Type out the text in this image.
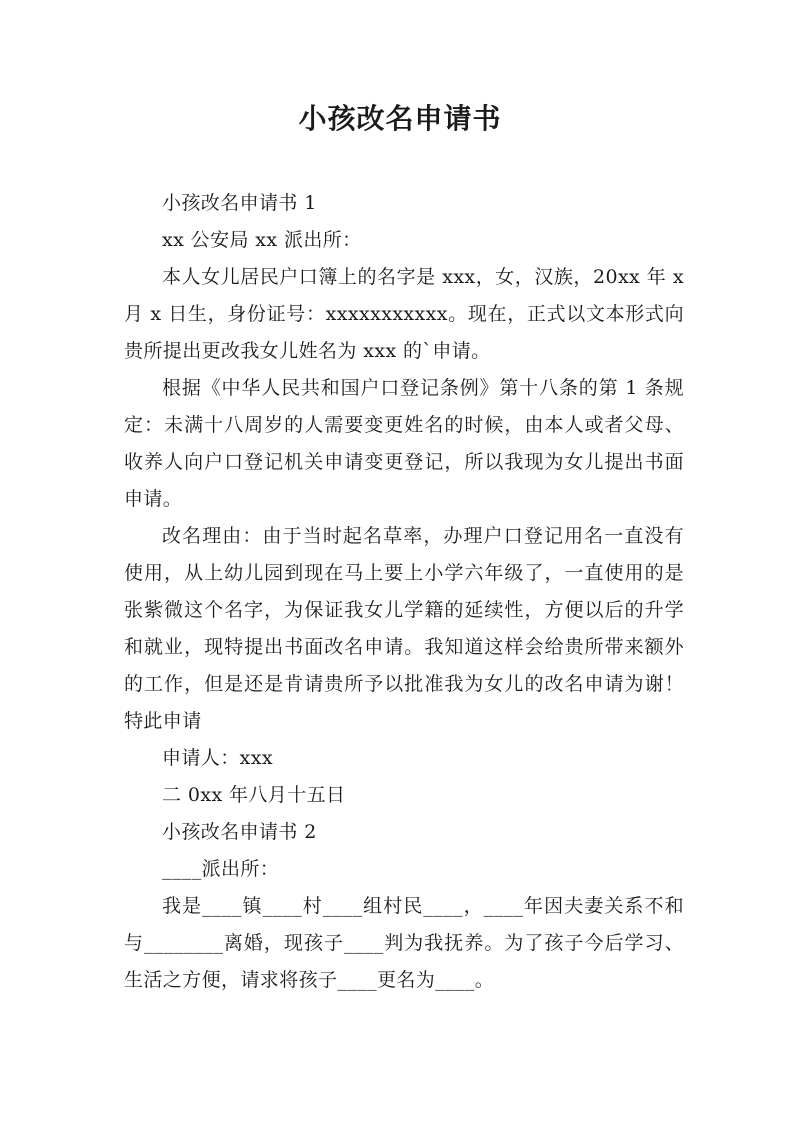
小孩改名申请书

小孩改名申请书 1

xx 公安局 xx 派出所：

本人女儿居民户口簿上的名字是 xxx，女，汉族，20xx 年 x 月 x 日生，身份证号：xxxxxxxxxxx。现在，正式以文本形式向贵所提出更改我女儿姓名为 xxx 的`申请。

根据《中华人民共和国户口登记条例》第十八条的第 1 条规定：未满十八周岁的人需要变更姓名的时候，由本人或者父母、收养人向户口登记机关申请变更登记，所以我现为女儿提出书面申请。

改名理由：由于当时起名草率，办理户口登记用名一直没有使用，从上幼儿园到现在马上要上小学六年级了，一直使用的是张紫微这个名字，为保证我女儿学籍的延续性，方便以后的升学和就业，现特提出书面改名申请。我知道这样会给贵所带来额外的工作，但是还是肯请贵所予以批准我为女儿的改名申请为谢！特此申请

申请人：xxx

二 0xx 年八月十五日

小孩改名申请书 2

____派出所：

我是____镇____村____组村民____，____年因夫妻关系不和与________离婚，现孩子____判为我抚养。为了孩子今后学习、生活之方便，请求将孩子____更名为____。
